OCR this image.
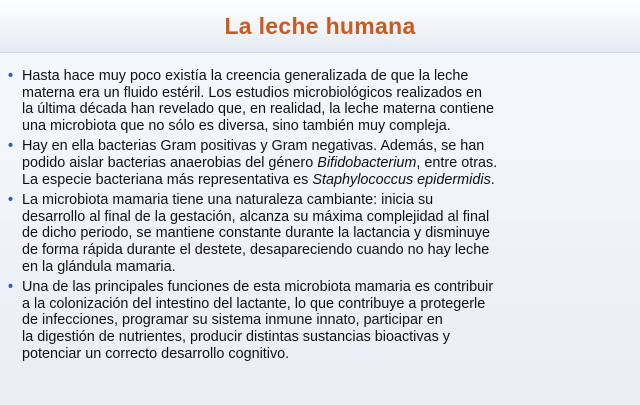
La leche humana
• Hasta hace muy poco existía la creencia generalizada de que la leche
materna era un fluido estéril. Los estudios microbiológicos realizados en
la última década han revelado que, en realidad, la leche materna contiene
una microbiota que no sólo es diversa, sino también muy compleja.
• Hay en ella bacterias Gram positivas y Gram negativas. Además, se han
podido aislar bacterias anaerobias del género Bifidobacterium, entre otras.
La especie bacteriana más representativa es Staphylococcus epidermidis.
• La microbiota mamaria tiene una naturaleza cambiante: inicia su
desarrollo al final de la gestación, alcanza su máxima complejidad al final
de dicho periodo, se mantiene constante durante la lactancia y disminuye
de forma rápida durante el destete, desapareciendo cuando no hay leche
en la glándula mamaria.
• Una de las principales funciones de esta microbiota mamaria es contribuir
a la colonización del intestino del lactante, lo que contribuye a protegerle
de infecciones, programar su sistema inmune innato, participar en
la digestión de nutrientes, producir distintas sustancias bioactivas y
potenciar un correcto desarrollo cognitivo.
